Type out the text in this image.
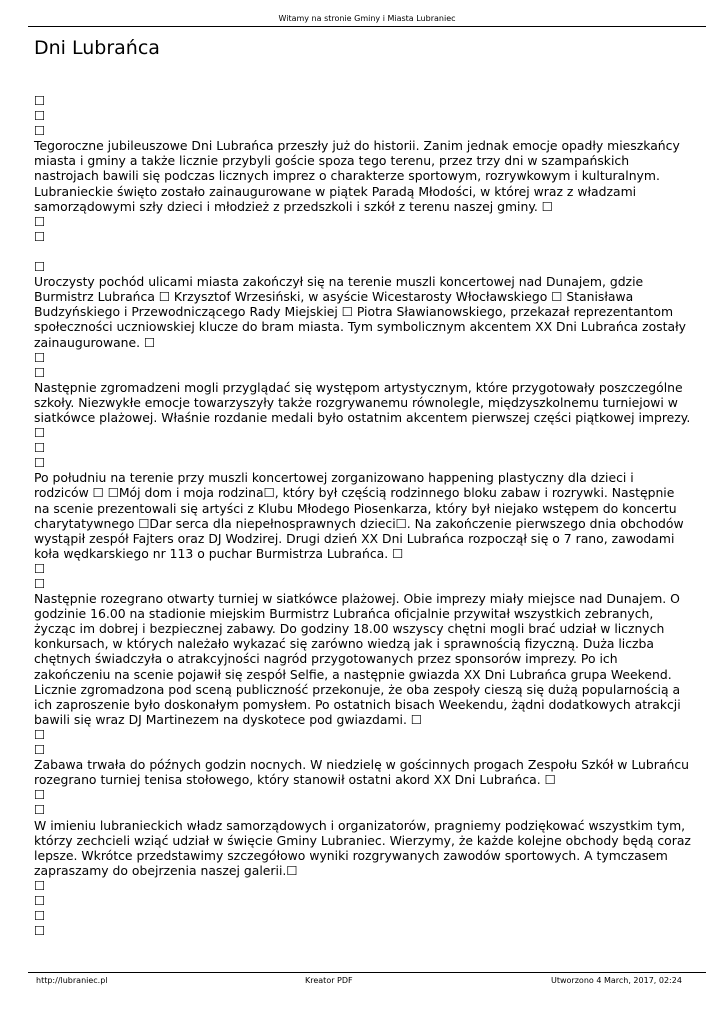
Witamy na stronie Gminy i Miasta Lubraniec
Dni Lubrańca
☐
☐
☐
Tegoroczne jubileuszowe Dni Lubrańca przeszły już do historii. Zanim jednak emocje opadły mieszkańcy
miasta i gminy a także licznie przybyli goście spoza tego terenu, przez trzy dni w szampańskich
nastrojach bawili się podczas licznych imprez o charakterze sportowym, rozrywkowym i kulturalnym.
Lubranieckie święto zostało zainaugurowane w piątek Paradą Młodości, w której wraz z władzami
samorządowymi szły dzieci i młodzież z przedszkoli i szkół z terenu naszej gminy. ☐
☐
☐
☐
Uroczysty pochód ulicami miasta zakończył się na terenie muszli koncertowej nad Dunajem, gdzie
Burmistrz Lubrańca ☐ Krzysztof Wrzesiński, w asyście Wicestarosty Włocławskiego ☐ Stanisława
Budzyńskiego i Przewodniczącego Rady Miejskiej ☐ Piotra Sławianowskiego, przekazał reprezentantom
społeczności uczniowskiej klucze do bram miasta. Tym symbolicznym akcentem XX Dni Lubrańca zostały
zainaugurowane. ☐
☐
☐
Następnie zgromadzeni mogli przyglądać się występom artystycznym, które przygotowały poszczególne
szkoły. Niezwykłe emocje towarzyszyły także rozgrywanemu równolegle, międzyszkolnemu turniejowi w
siatkówce plażowej. Właśnie rozdanie medali było ostatnim akcentem pierwszej części piątkowej imprezy.
☐
☐
☐
Po południu na terenie przy muszli koncertowej zorganizowano happening plastyczny dla dzieci i
rodziców ☐ ☐Mój dom i moja rodzina☐, który był częścią rodzinnego bloku zabaw i rozrywki. Następnie
na scenie prezentowali się artyści z Klubu Młodego Piosenkarza, który był niejako wstępem do koncertu
charytatywnego ☐Dar serca dla niepełnosprawnych dzieci☐. Na zakończenie pierwszego dnia obchodów
wystąpił zespół Fajters oraz DJ Wodzirej. Drugi dzień XX Dni Lubrańca rozpoczął się o 7 rano, zawodami
koła wędkarskiego nr 113 o puchar Burmistrza Lubrańca. ☐
☐
☐
Następnie rozegrano otwarty turniej w siatkówce plażowej. Obie imprezy miały miejsce nad Dunajem. O
godzinie 16.00 na stadionie miejskim Burmistrz Lubrańca oficjalnie przywitał wszystkich zebranych,
życząc im dobrej i bezpiecznej zabawy. Do godziny 18.00 wszyscy chętni mogli brać udział w licznych
konkursach, w których należało wykazać się zarówno wiedzą jak i sprawnością fizyczną. Duża liczba
chętnych świadczyła o atrakcyjności nagród przygotowanych przez sponsorów imprezy. Po ich
zakończeniu na scenie pojawił się zespół Selfie, a następnie gwiazda XX Dni Lubrańca grupa Weekend.
Licznie zgromadzona pod sceną publiczność przekonuje, że oba zespoły cieszą się dużą popularnością a
ich zaproszenie było doskonałym pomysłem. Po ostatnich bisach Weekendu, żądni dodatkowych atrakcji
bawili się wraz DJ Martinezem na dyskotece pod gwiazdami. ☐
☐
☐
Zabawa trwała do późnych godzin nocnych. W niedzielę w gościnnych progach Zespołu Szkół w Lubrańcu
rozegrano turniej tenisa stołowego, który stanowił ostatni akord XX Dni Lubrańca. ☐
☐
☐
W imieniu lubranieckich władz samorządowych i organizatorów, pragniemy podziękować wszystkim tym,
którzy zechcieli wziąć udział w święcie Gminy Lubraniec. Wierzymy, że każde kolejne obchody będą coraz
lepsze. Wkrótce przedstawimy szczegółowo wyniki rozgrywanych zawodów sportowych. A tymczasem
zapraszamy do obejrzenia naszej galerii.☐
☐
☐
☐
☐
http://lubraniec.pl	Kreator PDF	Utworzono 4 March, 2017, 02:24
